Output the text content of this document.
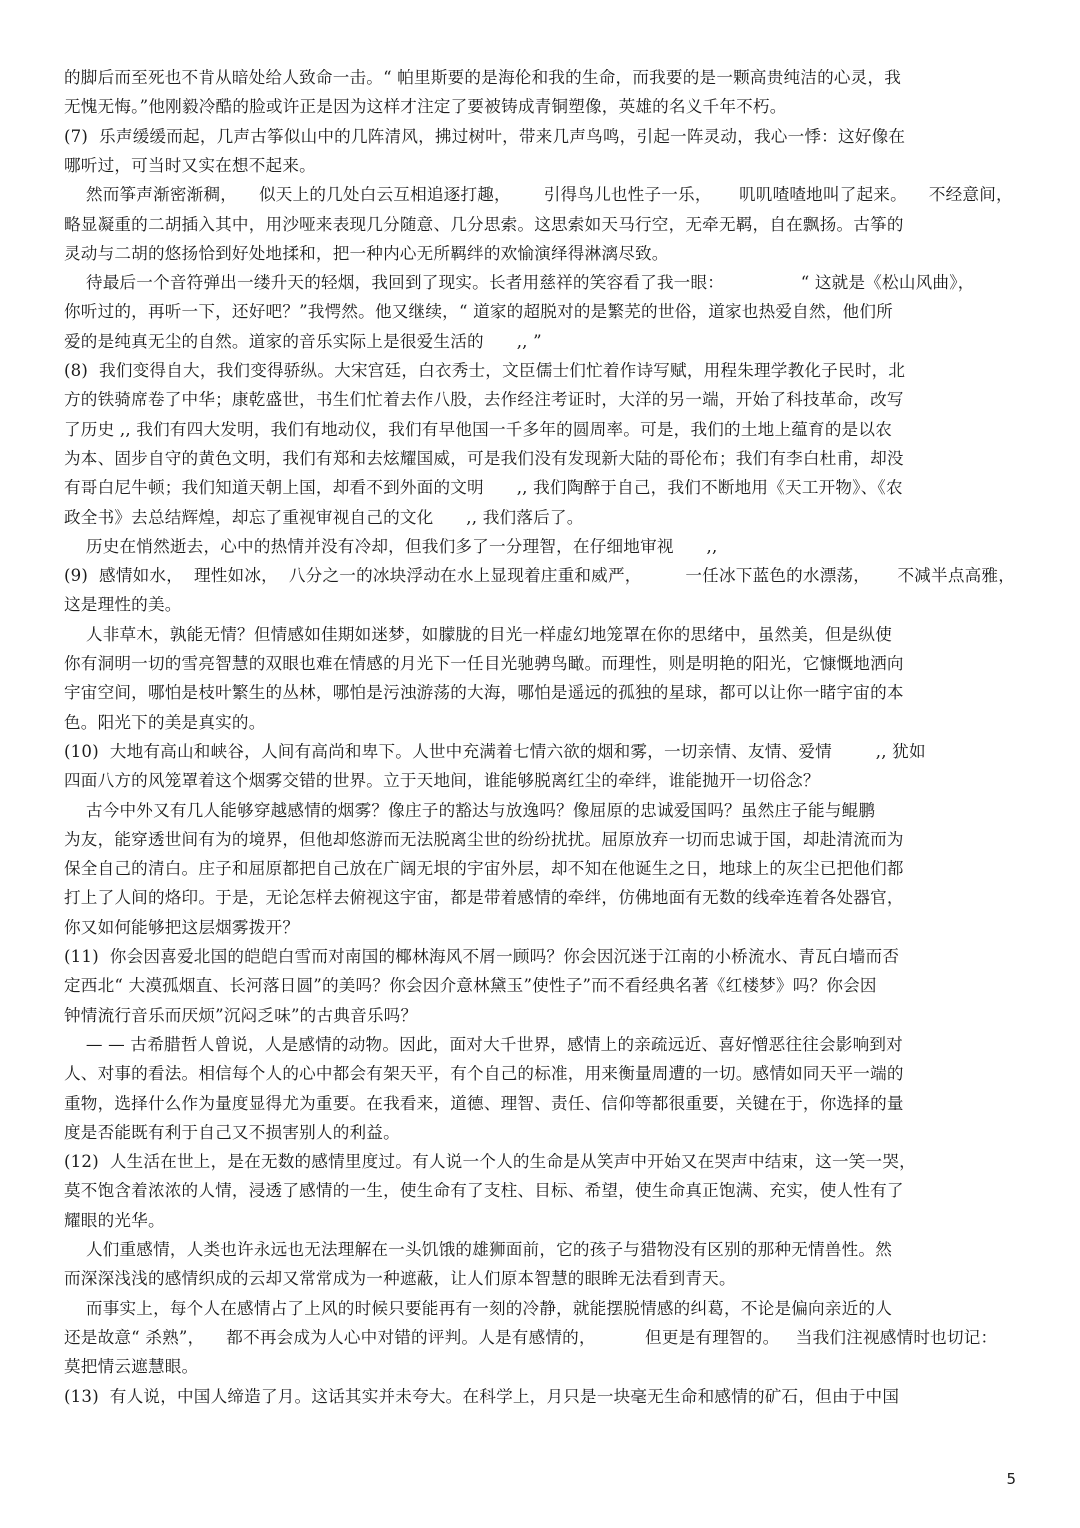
的脚后而至死也不肯从暗处给人致命一击。“ 帕里斯要的是海伦和我的生命，而我要的是一颗高贵纯洁的心灵，我
无愧无悔。”他刚毅冷酷的脸或许正是因为这样才注定了要被铸成青铜塑像，英雄的名义千年不朽。
(7)  乐声缓缓而起，几声古筝似山中的几阵清风，拂过树叶，带来几声鸟鸣，引起一阵灵动，我心一悸：这好像在
哪听过，可当时又实在想不起来。
然而筝声渐密渐稠，    似天上的几处白云互相追逐打趣，      引得鸟儿也性子一乐，     叽叽喳喳地叫了起来。    不经意间，
略显凝重的二胡插入其中，用沙哑来表现几分随意、几分思索。这思索如天马行空，无牵无羁，自在飘扬。古筝的
灵动与二胡的悠扬恰到好处地揉和，把一种内心无所羁绊的欢愉演绎得淋漓尽致。
待最后一个音符弹出一缕升天的轻烟，我回到了现实。长者用慈祥的笑容看了我一眼：              “ 这就是《松山风曲》，
你听过的，再听一下，还好吧？”我愕然。他又继续，“ 道家的超脱对的是繁芜的世俗，道家也热爱自然，他们所
爱的是纯真无尘的自然。道家的音乐实际上是很爱生活的      ,, ”
(8)  我们变得自大，我们变得骄纵。大宋宫廷，白衣秀士，文臣儒士们忙着作诗写赋，用程朱理学教化子民时，北
方的铁骑席卷了中华；康乾盛世，书生们忙着去作八股，去作经注考证时，大洋的另一端，开始了科技革命，改写
了历史 ,, 我们有四大发明，我们有地动仪，我们有早他国一千多年的圆周率。可是，我们的土地上蕴育的是以农
为本、固步自守的黄色文明，我们有郑和去炫耀国威，可是我们没有发现新大陆的哥伦布；我们有李白杜甫，却没
有哥白尼牛顿；我们知道天朝上国，却看不到外面的文明      ,, 我们陶醉于自己，我们不断地用《天工开物》、《农
政全书》去总结辉煌，却忘了重视审视自己的文化      ,, 我们落后了。
历史在悄然逝去，心中的热情并没有冷却，但我们多了一分理智，在仔细地审视      ,,
(9)  感情如水，  理性如冰，  八分之一的冰块浮动在水上显现着庄重和威严，        一任冰下蓝色的水漂荡，     不减半点高雅，
这是理性的美。
人非草木，孰能无情？但情感如佳期如迷梦，如朦胧的目光一样虚幻地笼罩在你的思绪中，虽然美，但是纵使
你有洞明一切的雪亮智慧的双眼也难在情感的月光下一任目光驰骋鸟瞰。而理性，则是明艳的阳光，它慷慨地洒向
宇宙空间，哪怕是枝叶繁生的丛林，哪怕是污浊游荡的大海，哪怕是遥远的孤独的星球，都可以让你一睹宇宙的本
色。阳光下的美是真实的。
(10)  大地有高山和峡谷，人间有高尚和卑下。人世中充满着七情六欲的烟和雾，一切亲情、友情、爱情        ,, 犹如
四面八方的风笼罩着这个烟雾交错的世界。立于天地间，谁能够脱离红尘的牵绊，谁能抛开一切俗念？
古今中外又有几人能够穿越感情的烟雾？像庄子的豁达与放逸吗？像屈原的忠诚爱国吗？虽然庄子能与鲲鹏
为友，能穿透世间有为的境界，但他却悠游而无法脱离尘世的纷纷扰扰。屈原放弃一切而忠诚于国，却赴清流而为
保全自己的清白。庄子和屈原都把自己放在广阔无垠的宇宙外层，却不知在他诞生之日，地球上的灰尘已把他们都
打上了人间的烙印。于是，无论怎样去俯视这宇宙，都是带着感情的牵绊，仿佛地面有无数的线牵连着各处器官，
你又如何能够把这层烟雾拨开？
(11)  你会因喜爱北国的皑皑白雪而对南国的椰林海风不屑一顾吗？你会因沉迷于江南的小桥流水、青瓦白墙而否
定西北“ 大漠孤烟直、长河落日圆”的美吗？你会因介意林黛玉”使性子”而不看经典名著《红楼梦》吗？你会因
钟情流行音乐而厌烦”沉闷乏味”的古典音乐吗？
— — 古希腊哲人曾说，人是感情的动物。因此，面对大千世界，感情上的亲疏远近、喜好憎恶往往会影响到对
人、对事的看法。相信每个人的心中都会有架天平，有个自己的标准，用来衡量周遭的一切。感情如同天平一端的
重物，选择什么作为量度显得尤为重要。在我看来，道德、理智、责任、信仰等都很重要，关键在于，你选择的量
度是否能既有利于自己又不损害别人的利益。
(12)  人生活在世上，是在无数的感情里度过。有人说一个人的生命是从笑声中开始又在哭声中结束，这一笑一哭，
莫不饱含着浓浓的人情，浸透了感情的一生，使生命有了支柱、目标、希望，使生命真正饱满、充实，使人性有了
耀眼的光华。
人们重感情，人类也许永远也无法理解在一头饥饿的雄狮面前，它的孩子与猎物没有区别的那种无情兽性。然
而深深浅浅的感情织成的云却又常常成为一种遮蔽，让人们原本智慧的眼眸无法看到青天。
而事实上，每个人在感情占了上风的时候只要能再有一刻的冷静，就能摆脱情感的纠葛，不论是偏向亲近的人
还是故意“ 杀熟”，    都不再会成为人心中对错的评判。人是有感情的，         但更是有理智的。   当我们注视感情时也切记：
莫把情云遮慧眼。
(13)  有人说，中国人缔造了月。这话其实并未夸大。在科学上，月只是一块毫无生命和感情的矿石，但由于中国
5
